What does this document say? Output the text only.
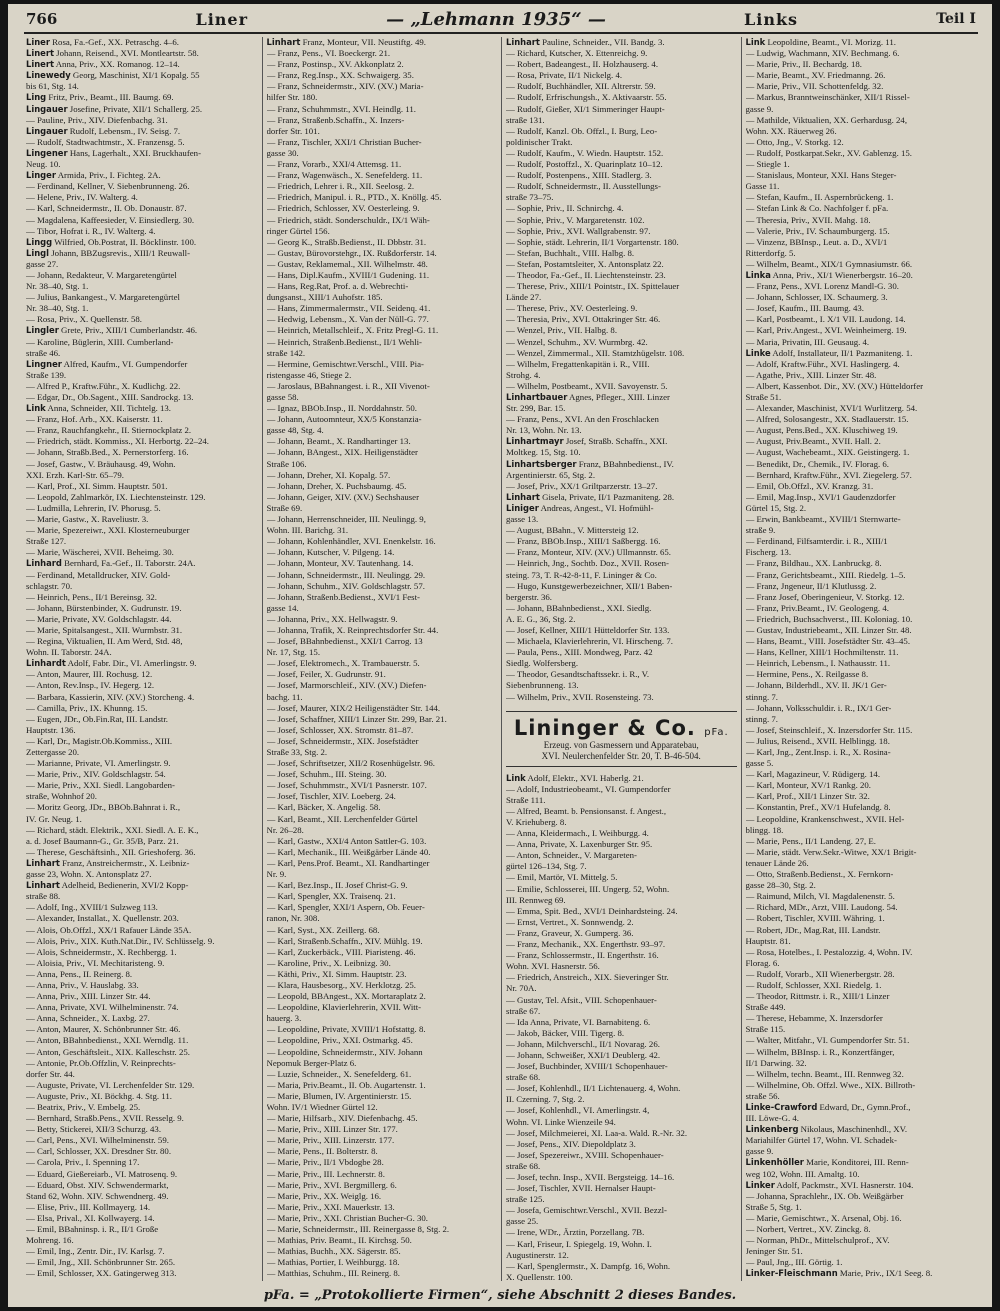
766	Liner	— „Lehmann 1935“ —	Links	Teil I
Liner Rosa, Fa.-Gef., XX. Petraschg. 4–6.
Linert Johann, Reisend., XVI. Montleartstr. 58.
Linert Anna, Priv., XX. Romanog. 12–14.
Linewedy Georg, Maschinist, XI/1 Kopalg. 55
bis 61, Stg. 14.
Ling Fritz, Priv., Beamt., III. Baumg. 69.
Lingauer Josefine, Private, XII/1 Schallerg. 25.
— Pauline, Priv., XIV. Diefenbachg. 31.
Lingauer Rudolf, Lebensm., IV. Seisg. 7.
— Rudolf, Stadtwachtmstr., X. Franzensg. 5.
Lingener Hans, Lagerhalt., XXI. Bruckhaufen-
Neug. 10.
Linger Armida, Priv., I. Fichteg. 2A.
— Ferdinand, Kellner, V. Siebenbrunneng. 26.
— Helene, Priv., IV. Walterg. 4.
— Karl, Schneidermstr., II. Ob. Donaustr. 87.
— Magdalena, Kaffeesieder, V. Einsiedlerg. 30.
— Tibor, Hofrat i. R., IV. Walterg. 4.
Lingg Wilfried, Ob.Postrat, II. Böcklinstr. 100.
Lingl Johann, BBZugsrevis., XIII/1 Reuwall-
gasse 27.
— Johann, Redakteur, V. Margaretengürtel
Nr. 38–40, Stg. 1.
— Julius, Bankangest., V. Margaretengürtel
Nr. 38–40, Stg. 1.
— Rosa, Priv., X. Quellenstr. 58.
Lingler Grete, Priv., XIII/1 Cumberlandstr. 46.
— Karoline, Büglerin, XIII. Cumberland-
straße 46.
Lingner Alfred, Kaufm., VI. Gumpendorfer
Straße 139.
— Alfred P., Kraftw.Führ., X. Kudlichg. 22.
— Edgar, Dr., Ob.Sagent., XIII. Sandrockg. 13.
Link Anna, Schneider, XII. Tichtelg. 13.
— Franz, Hof. Arb., XX. Kaiserstr. 11.
— Franz, Rauchfangkehr., II. Stiernockplatz 2.
— Friedrich, städt. Kommiss., XI. Herbortg. 22–24.
— Johann, Straßb.Bed., X. Pernerstorferg. 16.
— Josef, Gastw., V. Bräuhausg. 49, Wohn.
XXI. Erzh. Karl-Str. 65–79.
— Karl, Prof., XI. Simm. Hauptstr. 501.
— Leopold, Zahlmarkör, IX. Liechtensteinstr. 129.
— Ludmilla, Lehrerin, IV. Phorusg. 5.
— Marie, Gastw., X. Raveliustr. 3.
— Marie, Spezereiwr., XXI. Klosterneuburger
Straße 127.
— Marie, Wäscherei, XVII. Beheimg. 30.
Linhard Bernhard, Fa.-Gef., II. Taborstr. 24A.
— Ferdinand, Metalldrucker, XIV. Gold-
schlagstr. 70.
— Heinrich, Pens., II/1 Bereinsg. 32.
— Johann, Bürstenbinder, X. Gudrunstr. 19.
— Marie, Private, XV. Goldschlagstr. 44.
— Marie, Spitalsangest., XII. Wurmbstr. 31.
— Regina, Viktualien, II. Am Werd, Std. 48,
Wohn. II. Taborstr. 24A.
Linhardt Adolf, Fabr. Dir., VI. Amerlingstr. 9.
— Anton, Maurer, III. Rochusg. 12.
— Anton, Rev.Insp., IV. Hegerg. 12.
— Barbara, Kassierin, XIV. (XV.) Storcheng. 4.
— Camilla, Priv., IX. Khunng. 15.
— Eugen, JDr., Ob.Fin.Rat, III. Landstr.
Hauptstr. 136.
— Karl, Dr., Magistr.Ob.Kommiss., XIII.
Zettergasse 20.
— Marianne, Private, VI. Amerlingstr. 9.
— Marie, Priv., XIV. Goldschlagstr. 54.
— Marie, Priv., XXI. Siedl. Langobarden-
straße, Wohnhof 20.
— Moritz Georg, JDr., BBOb.Bahnrat i. R.,
IV. Gr. Neug. 1.
— Richard, städt. Elektrik., XXI. Siedl. A. E. K.,
a. d. Josef Baumann-G., Gr. 35/B, Parz. 21.
— Therese, Geschäftsinh., XII. Grieshoferg. 36.
Linhart Franz, Anstreichermstr., X. Leibniz-
gasse 23, Wohn. X. Antonsplatz 27.
Linhart Adelheid, Bedienerin, XVI/2 Kopp-
straße 88.
— Adolf, Ing., XVIII/1 Sulzweg 113.
— Alexander, Installat., X. Quellenstr. 203.
— Alois, Ob.Offzl., XX/1 Rafauer Lände 35A.
— Alois, Priv., XIX. Kuth.Nat.Dir., IV. Schlüsselg. 9.
— Alois, Schneidermstr., X. Rechbergg. 1.
— Aloisia, Priv., VI. Mechitaristeng. 9.
— Anna, Pens., II. Reinerg. 8.
— Anna, Priv., V. Hauslabg. 33.
— Anna, Priv., XIII. Linzer Str. 44.
— Anna, Private, XVI. Wilhelminenstr. 74.
— Anna, Schneider., X. Laxbg. 27.
— Anton, Maurer, X. Schönbrunner Str. 46.
— Anton, BBahnbedienst., XXI. Werndlg. 11.
— Anton, Geschäftsleit., XIX. Kalleschstr. 25.
— Antonie, Pr.Ob.Offzlin, V. Reinprechts-
dorfer Str. 44.
— Auguste, Private, VI. Lerchenfelder Str. 129.
— Auguste, Priv., XI. Böckhg. 4. Stg. 11.
— Beatrix, Priv., V. Embelg. 25.
— Bernhard, Straßb.Pens., XVII. Resselg. 9.
— Betty, Stickerei, XII/3 Schurzg. 43.
— Carl, Pens., XVI. Wilhelminenstr. 59.
— Carl, Schlosser, XX. Dresdner Str. 80.
— Carola, Priv., I. Spenning 17.
— Eduard, Gießereiarb., VI. Matrosenq. 9.
— Eduard, Obst. XIV. Schwendermarkt,
Stand 62, Wohn. XIV. Schwendnerg. 49.
— Elise, Priv., III. Kollmayerg. 14.
— Elsa, Prival., XI. Kollwayerg. 14.
— Emil, BBahninsp. i. R., II/1 Große
Mohreng. 16.
— Emil, Ing., Zentr. Dir., IV. Karlsg. 7.
— Emil, Jng., XII. Schönbrunner Str. 265.
— Emil, Schlosser, XX. Gatingerweg 313.
Linhart Franz, Monteur, VII. Neustiftg. 49.
— Franz, Pens., VI. Boeckergr. 21.
— Franz, Postinsp., XV. Akkonplatz 2.
— Franz, Reg.Insp., XX. Schwaigerg. 35.
— Franz, Schneidermstr., XIV. (XV.) Maria-
hilfer Str. 180.
— Franz, Schuhmmstr., XVI. Heindlg. 11.
— Franz, Straßenb.Schaffn., X. Inzers-
dorfer Str. 101.
— Franz, Tischler, XXI/1 Christian Bucher-
gasse 30.
— Franz, Vorarb., XXI/4 Attemsg. 11.
— Franz, Wagenwäsch., X. Senefelderg. 11.
— Friedrich, Lehrer i. R., XII. Seelosg. 2.
— Friedrich, Manipul. i. R., PTD., X. Knöllg. 45.
— Friedrich, Schlosser, XV. Oesterleing. 9.
— Friedrich, städt. Sonderschuldr., IX/1 Wäh-
ringer Gürtel 156.
— Georg K., Straßb.Bedienst., II. Dbbstr. 31.
— Gustav, Bürovorstehgr., IX. Rußdorferstr. 14.
— Gustav, Reklamemal., XII. Wilhelmstr. 48.
— Hans, Dipl.Kaufm., XVIII/1 Gudening. 11.
— Hans, Reg.Rat, Prof. a. d. Webrechti-
dungsanst., XIII/1 Auhofstr. 185.
— Hans, Zimmermalermstr., VII. Seidenq. 41.
— Hedwig, Lebensm., X. Van der Nüll-G. 77.
— Heinrich, Metallschleif., X. Fritz Pregl-G. 11.
— Heinrich, Straßenb.Bedienst., II/1 Wehli-
straße 142.
— Hermine, Gemischtwr.Verschl., VIII. Pia-
ristengasse 46, Stiege 2.
— Jaroslaus, BBahnangest. i. R., XII Vivenot-
gasse 58.
— Ignaz, BBOb.Insp., II. Norddahnstr. 50.
— Johann, Autoomnteur, XX/5 Konstanzia-
gasse 48, Stg. 4.
— Johann, Beamt., X. Randhartinger 13.
— Johann, BAngest., XIX. Heiligenstädter
Straße 106.
— Johann, Dreher, XI. Kopalg. 57.
— Johann, Dreher, X. Puchsbaumg. 45.
— Johann, Geiger, XIV. (XV.) Sechshauser
Straße 69.
— Johann, Herrenschneider, III. Neulingg. 9,
Wohn. III. Barichg. 31.
— Johann, Kohlenhändler, XVI. Enenkelstr. 16.
— Johann, Kutscher, V. Pilgeng. 14.
— Johann, Monteur, XV. Tautenhang. 14.
— Johann, Schneidermstr., III. Neulingg. 29.
— Johann, Schuhm., XIV. Goldschlagstr. 57.
— Johann, Straßenb.Bedienst., XVI/1 Fest-
gasse 14.
— Johanna, Priv., XX. Hellwagstr. 9.
— Johanna, Trafik, X. Reinprechtsdorfer Str. 44.
— Josef, BBahnbedienst., XXI/1 Carrog. 13
Nr. 17, Stg. 15.
— Josef, Elektromech., X. Trambauerstr. 5.
— Josef, Feiler, X. Gudrunstr. 91.
— Josef, Marmorschleif., XIV. (XV.) Diefen-
bachg. 11.
— Josef, Maurer, XIX/2 Heiligenstädter Str. 144.
— Josef, Schaffner, XIII/1 Linzer Str. 299, Bar. 21.
— Josef, Schlosser, XX. Stromstr. 81–87.
— Josef, Schneidermstr., XIX. Josefstädter
Straße 33, Stg. 2.
— Josef, Schriftsetzer, XII/2 Rosenhügelstr. 96.
— Josef, Schuhm., III. Steing. 30.
— Josef, Schuhmmstr., XVI/1 Pasnerstr. 107.
— Josef, Tischler, XIV. Loeberg. 24.
— Karl, Bäcker, X. Angelig. 58.
— Karl, Beamt., XII. Lerchenfelder Gürtel
Nr. 26–28.
— Karl, Gastw., XXI/4 Anton Sattler-G. 103.
— Karl, Mechanik., III. Weißgärber Lände 40.
— Karl, Pens.Prof. Beamt., XI. Randhartinger
Nr. 9.
— Karl, Bez.Insp., II. Josef Christ-G. 9.
— Karl, Spengler, XX. Traisenq. 21.
— Karl, Spengler, XXI/1 Aspern, Ob. Feuer-
ranon, Nr. 308.
— Karl, Syst., XX. Zeillerg. 68.
— Karl, Straßenb.Schaffn., XIV. Mühlg. 19.
— Karl, Zuckerbäck., VIII. Piaristeng. 46.
— Karoline, Priv., X. Leibnizg. 30.
— Käthi, Priv., XI. Simm. Hauptstr. 23.
— Klara, Hausbesorg., XV. Herklotzg. 25.
— Leopold, BBAngest., XX. Mortaraplatz 2.
— Leopoldine, Klavierlehrerin, XVII. Witt-
hauerg. 3.
— Leopoldine, Private, XVIII/1 Hofstattg. 8.
— Leopoldine, Priv., XXI. Ostmarkg. 45.
— Leopoldine, Schneidermstr., XIV. Johann
Nepomuk Berger-Platz 6.
— Luzie, Schneider., X. Senefelderg. 61.
— Maria, Priv.Beamt., II. Ob. Augartenstr. 1.
— Marie, Blumen, IV. Argentinierstr. 15.
Wohn. IV/1 Wiedner Gürtel 12.
— Marie, Hilfsarb., XIV. Diefenbachg. 45.
— Marie, Priv., XIII. Linzer Str. 177.
— Marie, Priv., XIII. Linzerstr. 177.
— Marie, Pens., II. Bolterstr. 8.
— Marie, Priv., II/1 Vbdogbe 28.
— Marie, Priv., III. Lechnerstr. 8.
— Marie, Priv., XVI. Bergmillerg. 6.
— Marie, Priv., XX. Weiglg. 16.
— Marie, Priv., XXI. Mauerkstr. 13.
— Marie, Priv., XXI. Christian Bucher-G. 30.
— Marie, Schneidermstr., III. Reinergasse 8, Stg. 2.
— Mathias, Priv. Beamt., II. Kirchsg. 50.
— Mathias, Buchh., XX. Sägerstr. 85.
— Mathias, Portier, I. Weihburgg. 18.
— Matthias, Schuhm., III. Reinerg. 8.
Linhart Pauline, Schneider., VII. Bandg. 3.
— Richard, Kutscher, X. Ettenreichg. 9.
— Robert, Badeangest., II. Holzhauserg. 4.
— Rosa, Private, II/1 Nickelg. 4.
— Rudolf, Buchhändler, XII. Altrerstr. 59.
— Rudolf, Erfrischungsh., X. Aktivaarstr. 55.
— Rudolf, Gießer, XI/1 Simmeringer Haupt-
straße 131.
— Rudolf, Kanzl. Ob. Offzl., I. Burg, Leo-
poldinischer Trakt.
— Rudolf, Kaufm., V. Wiedn. Hauptstr. 152.
— Rudolf, Postoffzl., X. Quarinplatz 10–12.
— Rudolf, Postenpens., XIII. Stadlerg. 3.
— Rudolf, Schneidermstr., II. Ausstellungs-
straße 73–75.
— Sophie, Priv., II. Schnirchg. 4.
— Sophie, Priv., V. Margaretenstr. 102.
— Sophie, Priv., XVI. Wallgrabenstr. 97.
— Sophie, städt. Lehrerin, II/1 Vorgartenstr. 180.
— Stefan, Buchhalt., VIII. Halbg. 8.
— Stefan, Postamtsleiter, X. Antonsplatz 22.
— Theodor, Fa.-Gef., II. Liechtensteinstr. 23.
— Therese, Priv., XIII/1 Pointstr., IX. Spittelauer
Lände 27.
— Therese, Priv., XV. Oesterleing. 9.
— Theresia, Priv., XVI. Ottakringer Str. 46.
— Wenzel, Priv., VII. Halbg. 8.
— Wenzel, Schuhm., XV. Wurmbrg. 42.
— Wenzel, Zimmermal., XII. Stamtzhügelstr. 108.
— Wilhelm, Fregattenkapitän i. R., VIII.
Strohg. 4.
— Wilhelm, Postbeamt., XVII. Savoyenstr. 5.
Linhartbauer Agnes, Pfleger., XIII. Linzer
Str. 299, Bar. 15.
— Franz, Pens., XVI. An den Froschlacken
Nr. 13, Wohn. Nr. 13.
Linhartmayr Josef, Straßb. Schaffn., XXI.
Moltkeg. 15, Stg. 10.
Linhartsberger Franz, BBahnbedienst., IV.
Argentinierstr. 65, Stg. 2.
— Josef, Priv., XX/1 Griltparzerstr. 13–27.
Linhart Gisela, Private, II/1 Pazmaniteng. 28.
Liniger Andreas, Angest., VI. Hofmühl-
gasse 13.
— August, BBahn., V. Mittersteig 12.
— Franz, BBOb.Insp., XIII/1 Saßbergg. 16.
— Franz, Monteur, XIV. (XV.) Ullmannstr. 65.
— Heinrich, Jng., Sochtb. Doz., XVII. Rosen-
steing. 73, T. R-42-8-11, F. Lininger & Co.
— Hugo, Kunstgewerbezeichner, XII/1 Baben-
bergerstr. 36.
— Johann, BBahnbedienst., XXI. Siedlg.
A. E. G., 36, Stg. 2.
— Josef, Kellner, XIII/1 Hütteldorfer Str. 133.
— Michaela, Klavierlehrerin, VI. Hirscheng. 7.
— Paula, Pens., XIII. Mondweg, Parz. 42
Siedlg. Wolfersberg.
— Theodor, Gesandtschaftssekr. i. R., V.
Siebenbrunneng. 13.
— Wilhelm, Priv., XVII. Rosensteing. 73.
Lininger & Co. pFa.
Erzeug. von Gasmessern und Apparatebau,
XVI. Neulerchenfelder Str. 20, T. B-46-504.
Link Adolf, Elektr., XVI. Haberlg. 21.
— Adolf, Industrieobeamt., VI. Gumpendorfer
Straße 111.
— Alfred, Beamt. b. Pensionsanst. f. Angest.,
V. Kriehuberg. 8.
— Anna, Kleidermach., I. Weihburgg. 4.
— Anna, Private, X. Laxenburger Str. 95.
— Anton, Schneider., V. Margareten-
gürtel 126–134, Stg. 7.
— Emil, Martör, VI. Mittelg. 5.
— Emilie, Schlosserei, III. Ungerg. 52, Wohn.
III. Rennweg 69.
— Emma, Spit. Bed., XVI/1 Deinhardsteing. 24.
— Ernst, Vertret., X. Sonnwendg. 2.
— Franz, Graveur, X. Gumperg. 36.
— Franz, Mechanik., XX. Engerthstr. 93–97.
— Franz, Schlossermstr., II. Engerthstr. 16.
Wohn. XVI. Hasnerstr. 56.
— Friedrich, Anstreich., XIX. Sieveringer Str.
Nr. 70A.
— Gustav, Tel. Afsit., VIII. Schopenhauer-
straße 67.
— Ida Anna, Private, VI. Barnabiteng. 6.
— Jakob, Bäcker, VIII. Tigerg. 8.
— Johann, Milchverschl., II/1 Novarag. 26.
— Johann, Schweißer, XXI/1 Deublerg. 42.
— Josef, Buchbinder, XVIII/1 Schopenhauer-
straße 68.
— Josef, Kohlenhdl., II/1 Lichtenauerg. 4, Wohn.
II. Czerning. 7, Stg. 2.
— Josef, Kohlenhdl., VI. Amerlingstr. 4,
Wohn. VI. Linke Wienzeile 94.
— Josef, Milchmeierei, XI. Laa-a. Wald. R.-Nr. 32.
— Josef, Pens., XIV. Diepoldplatz 3.
— Josef, Spezereiwr., XVIII. Schopenhauer-
straße 68.
— Josef, techn. Insp., XVII. Bergsteigg. 14–16.
— Josef, Tischler, XVII. Hernalser Haupt-
straße 125.
— Josefa, Gemischtwr.Verschl., XVII. Bezzl-
gasse 25.
— Irene, WDr., Ärztin, Porzellang. 7B.
— Karl, Friseur, I. Spiegelg. 19, Wohn. I.
Augustinerstr. 12.
— Karl, Spenglermstr., X. Dampfg. 16, Wohn.
X. Quellenstr. 100.
Link Leopoldine, Beamt., VI. Morizg. 11.
— Ludwig, Wachmann, XIV. Bechmang. 6.
— Marie, Priv., II. Bechardg. 18.
— Marie, Beamt., XV. Friedmanng. 26.
— Marie, Priv., VII. Schottenfeldg. 32.
— Markus, Branntweinschänker, XII/1 Rissel-
gasse 9.
— Mathilde, Viktualien, XX. Gerhardusg. 24,
Wohn. XX. Räuerweg 26.
— Otto, Jng., V. Storkg. 12.
— Rudolf, Postkarpat.Sekr., XV. Gablenzg. 15.
— Stiegle 1.
— Stanislaus, Monteur, XXI. Hans Steger-
Gasse 11.
— Stefan, Kaufm., II. Aspernbrückeng. 1.
— Stefan Link & Co. Nachfolger f. pFa.
— Theresia, Priv., XVII. Mahg. 18.
— Valerie, Priv., IV. Schaumburgerg. 15.
— Vinzenz, BBInsp., Leut. a. D., XVI/1
Ritterdorfg. 5.
— Wilhelm, Beamt., XIX/1 Gymnasiumstr. 66.
Linka Anna, Priv., XI/1 Wienerbergstr. 16–20.
— Franz, Pens., XVI. Lorenz Mandl-G. 30.
— Johann, Schlosser, IX. Schaumerg. 3.
— Josef, Kaufm., III. Baumg. 43.
— Karl, Postbeamt., I. X/1 VII. Laudong. 14.
— Karl, Priv.Angest., XVI. Weinheimerg. 19.
— Maria, Privatin, III. Geusaug. 4.
Linke Adolf, Installateur, II/1 Pazmaniteng. 1.
— Adolf, Kraftw.Führ., XVI. Haslingerg. 4.
— Agathe, Priv., XIII. Linzer Str. 48.
— Albert, Kassenbot. Dir., XV. (XV.) Hütteldorfer
Straße 51.
— Alexander, Maschinist, XVI/1 Wurlitzerg. 54.
— Alfred, Solosangestr., XX. Stadlauerstr. 15.
— August, Pens.Bed., XX. Kluschiweg 19.
— August, Priv.Beamt., XVII. Hall. 2.
— August, Wachebeamt., XIX. Geistingerg. 1.
— Benedikt, Dr., Chemik., IV. Florag. 6.
— Bernhard, Kraftw.Führ., XVI. Ziegelerg. 57.
— Emil, Ob.Offzl., XV. Kranzg. 31.
— Emil, Mag.Insp., XVI/1 Gaudenzdorfer
Gürtel 15, Stg. 2.
— Erwin, Bankbeamt., XVIII/1 Sternwarte-
straße 9.
— Ferdinand, Filfsamterdir. i. R., XIII/1
Fischerg. 13.
— Franz, Bildhau., XX. Lanbruckg. 8.
— Franz, Gerichtsbeamt., XIII. Riedelg. 1–5.
— Franz, Jngeneur, II/1 Klutlussg. 2.
— Franz Josef, Oberingenieur, V. Storkg. 12.
— Franz, Priv.Beamt., IV. Geologeng. 4.
— Friedrich, Buchsachverst., III. Koloniag. 10.
— Gustav, Industriebeamt., XII. Linzer Str. 48.
— Hans, Beamt., VIII. Josefstädter Str. 43–45.
— Hans, Kellner, XIII/1 Hochmiltenstr. 11.
— Heinrich, Lebensm., I. Nathausstr. 11.
— Hermine, Pens., X. Reilgasse 8.
— Johann, Bilderhdl., XV. II. JK/1 Ger-
stinng. 7.
— Johann, Volksschuldir. i. R., IX/1 Ger-
stinng. 7.
— Josef, Steinschleif., X. Inzersdorfer Str. 115.
— Julius, Reisend., XVII. Helblingg. 18.
— Karl, Jng., Zent.Insp. i. R., X. Rosina-
gasse 5.
— Karl, Magazineur, V. Rüdigerg. 14.
— Karl, Monteur, XV/1 Rankg. 20.
— Karl, Prof., XII/1 Linzer Str. 32.
— Konstantin, Pref., XV/1 Hufelandg. 8.
— Leopoldine, Krankenschwest., XVII. Hel-
blingg. 18.
— Marie, Pens., II/1 Landeng. 27, E.
— Marie, städt. Verw.Sekr.-Witwe, XX/1 Brigit-
tenauer Lände 26.
— Otto, Straßenb.Bedienst., X. Fernkorn-
gasse 28–30, Stg. 2.
— Raimund, Milch, VI. Magdalenenstr. 5.
— Richard, MDr., Arzt, VIII. Laudong. 54.
— Robert, Tischler, XVIII. Währing. 1.
— Robert, JDr., Mag.Rat, III. Landstr.
Hauptstr. 81.
— Rosa, Hotelbes., I. Pestalozzig. 4, Wohn. IV.
Florag. 6.
— Rudolf, Vorarb., XII Wienerbergstr. 28.
— Rudolf, Schlosser, XXI. Riedelg. 1.
— Theodor, Rittmstr. i. R., XIII/1 Linzer
Straße 449.
— Therese, Hebamme, X. Inzersdorfer
Straße 115.
— Walter, Mitfahr., VI. Gumpendorfer Str. 51.
— Wilhelm, BBInsp. i. R., Konzertfänger,
II/1 Darwing. 32.
— Wilhelm, techn. Beamt., III. Rennweg 32.
— Wilhelmine, Ob. Offzl. Wwe., XIX. Billroth-
straße 56.
Linke-Crawford Edward, Dr., Gymn.Prof.,
III. Löwe-G. 4.
Linkenberg Nikolaus, Maschinenhdl., XV.
Mariahilfer Gürtel 17, Wohn. VI. Schadek-
gasse 9.
Linkenhöller Marie, Konditorei, III. Renn-
weg 102, Wohn. III. Amaltg. 10.
Linker Adolf, Packmstr., XVI. Hasnerstr. 104.
— Johanna, Sprachlehr., IX. Ob. Weißgärber
Straße 5, Stg. 1.
— Marie, Gemischtwr., X. Arsenal, Obj. 16.
— Norbert, Vertret., XV. Zinckg. 8.
— Norman, PhDr., Mittelschulprof., XV.
Jeninger Str. 51.
— Paul, Jng., III. Görtig. 1.
Linker-Fleischmann Marie, Priv., IX/1 Seeg. 8.
pFa. = „Protokollierte Firmen“, siehe Abschnitt 2 dieses Bandes.
